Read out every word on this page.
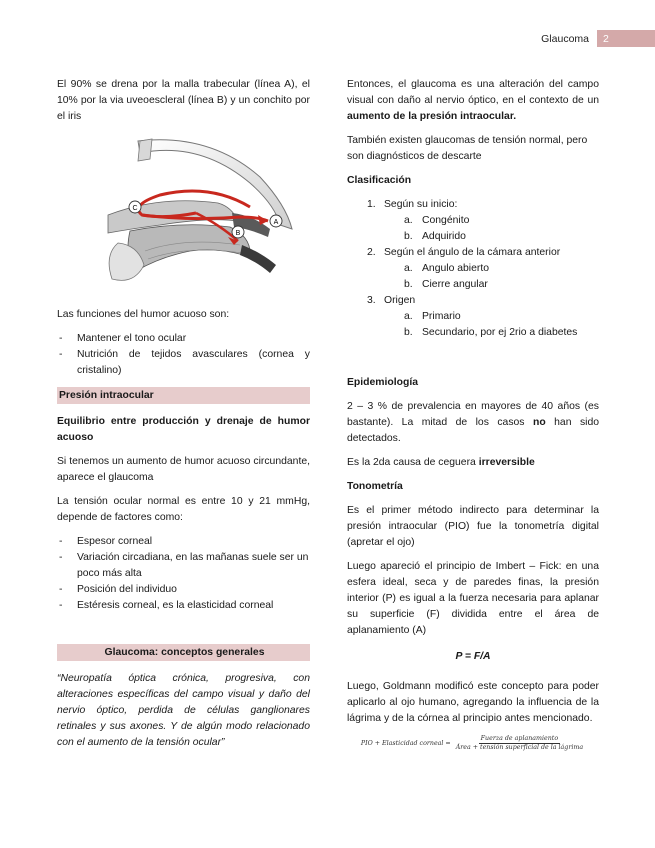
Glaucoma	2

El 90% se drena por la malla trabecular (línea A), el 10% por la via uveoescleral (línea B) y un conchito por el iris

A
B
C

Las funciones del humor acuoso son:

- Mantener el tono ocular
- Nutrición de tejidos avasculares (cornea y cristalino)
Presión intraocular

Equilibrio entre producción y drenaje de humor acuoso

Si tenemos un aumento de humor acuoso circundante, aparece el glaucoma

La tensión ocular normal es entre 10 y 21 mmHg, depende de factores como:

- Espesor corneal
- Variación circadiana, en las mañanas suele ser un poco más alta
- Posición del individuo
- Estéresis corneal, es la elasticidad corneal
Glaucoma: conceptos generales

“Neuropatía óptica crónica, progresiva, con alteraciones específicas del campo visual y daño del nervio óptico, perdida de células ganglionares retinales y sus axones. Y de algún modo relacionado con el aumento de la tensión ocular”

Entonces, el glaucoma es una alteración del campo visual con daño al nervio óptico, en el contexto de un aumento de la presión intraocular.

También existen glaucomas de tensión normal, pero son diagnósticos de descarte

Clasificación

1. Según su inicio:
a. Congénito
b. Adquirido
2. Según el ángulo de la cámara anterior
a. Angulo abierto
b. Cierre angular
3. Origen
a. Primario
b. Secundario, por ej 2rio a diabetes

Epidemiología

2 – 3 % de prevalencia en mayores de 40 años (es bastante). La mitad de los casos no han sido detectados.

Es la 2da causa de ceguera irreversible

Tonometría

Es el primer método indirecto para determinar la presión intraocular (PIO) fue la tonometría digital (apretar el ojo)

Luego apareció el principio de Imbert – Fick: en una esfera ideal, seca y de paredes finas, la presión interior (P) es igual a la fuerza necesaria para aplanar su superficie (F) dividida entre el área de aplanamiento (A)

P = F/A

Luego, Goldmann modificó este concepto para poder aplicarlo al ojo humano, agregando la influencia de la lágrima y de la córnea al principio antes mencionado.

PIO + Elasticidad corneal = $\frac{\text{Fuerza de aplanamiento}}{\text{Área + tensión superficial de la lágrima}}$
